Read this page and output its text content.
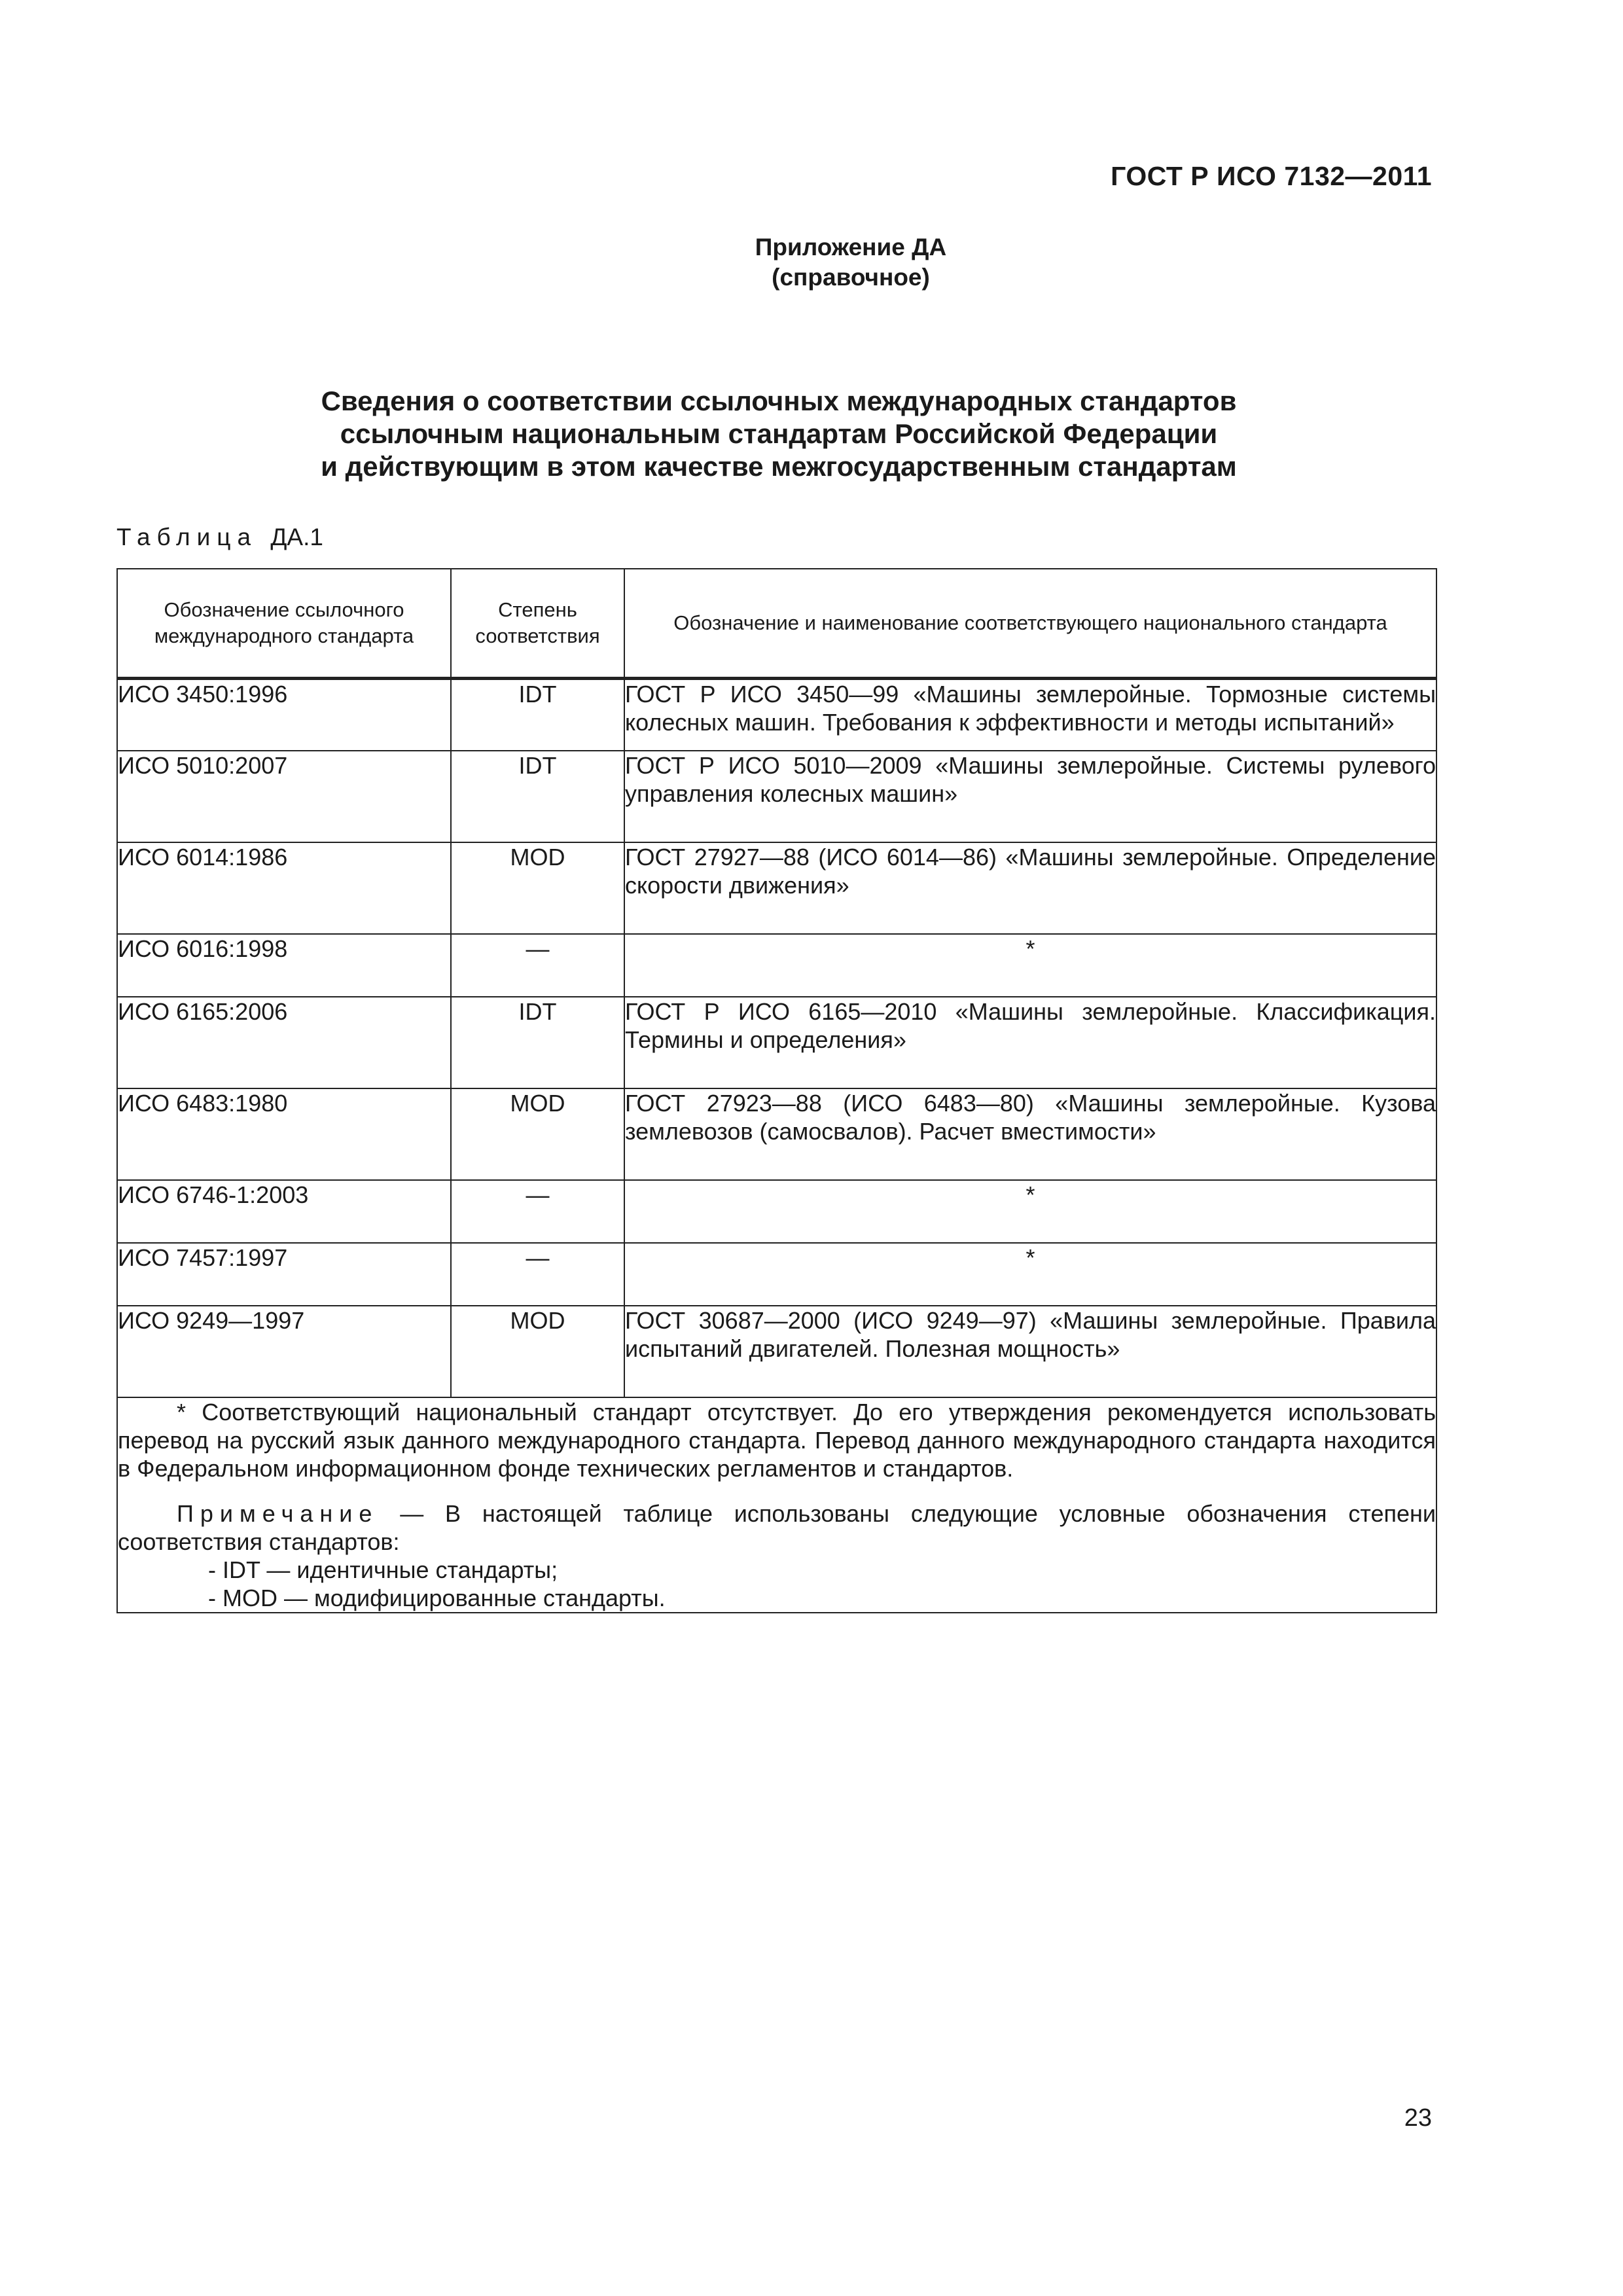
ГОСТ Р ИСО 7132—2011
Приложение ДА
(справочное)
Сведения о соответствии ссылочных международных стандартов
ссылочным национальным стандартам Российской Федерации
и действующим в этом качестве межгосударственным стандартам
Таблица ДА.1
Обозначение ссылочного международного стандарта	Степень соответствия	Обозначение и наименование соответствующего национального стандарта

ИСО 3450:1996	IDT	ГОСТ Р ИСО 3450—99 «Машины землеройные. Тормозные системы колесных машин. Требования к эффективности и методы испытаний»
ИСО 5010:2007	IDT	ГОСТ Р ИСО 5010—2009 «Машины землеройные. Системы рулевого управления колесных машин»
ИСО 6014:1986	MOD	ГОСТ 27927—88 (ИСО 6014—86) «Машины землеройные. Определение скорости движения»
ИСО 6016:1998	—	*
ИСО 6165:2006	IDT	ГОСТ Р ИСО 6165—2010 «Машины землеройные. Классификация. Термины и определения»
ИСО 6483:1980	MOD	ГОСТ 27923—88 (ИСО 6483—80) «Машины землеройные. Кузова землевозов (самосвалов). Расчет вместимости»
ИСО 6746-1:2003	—	*
ИСО 7457:1997	—	*
ИСО 9249—1997	MOD	ГОСТ 30687—2000 (ИСО 9249—97) «Машины землеройные. Правила испытаний двигателей. Полезная мощность»

* Соответствующий национальный стандарт отсутствует. До его утверждения рекомендуется использовать перевод на русский язык данного международного стандарта. Перевод данного международного стандарта находится в Федеральном информационном фонде технических регламентов и стандартов.

Примечание — В настоящей таблице использованы следующие условные обозначения степени соответствия стандартов:

- IDT — идентичные стандарты;

- MOD — модифицированные стандарты.		

23
